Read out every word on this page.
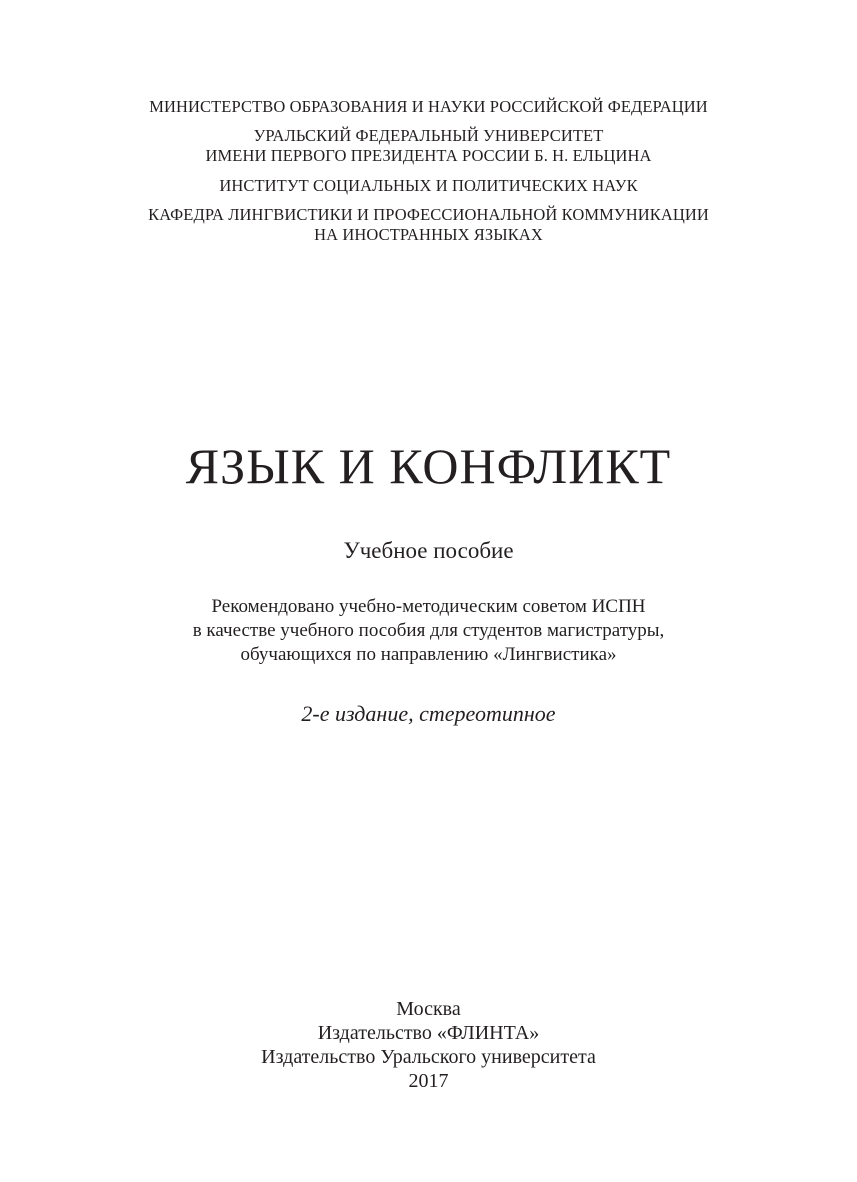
МИНИСТЕРСТВО ОБРАЗОВАНИЯ И НАУКИ РОССИЙСКОЙ ФЕДЕРАЦИИ
УРАЛЬСКИЙ ФЕДЕРАЛЬНЫЙ УНИВЕРСИТЕТ
ИМЕНИ ПЕРВОГО ПРЕЗИДЕНТА РОССИИ Б. Н. ЕЛЬЦИНА
ИНСТИТУТ СОЦИАЛЬНЫХ И ПОЛИТИЧЕСКИХ НАУК
КАФЕДРА ЛИНГВИСТИКИ И ПРОФЕССИОНАЛЬНОЙ КОММУНИКАЦИИ
НА ИНОСТРАННЫХ ЯЗЫКАХ
ЯЗЫК И КОНФЛИКТ
Учебное пособие
Рекомендовано учебно-методическим советом ИСПН
в качестве учебного пособия для студентов магистратуры,
обучающихся по направлению «Лингвистика»
2-е издание, стереотипное
Москва
Издательство «ФЛИНТА»
Издательство Уральского университета
2017
